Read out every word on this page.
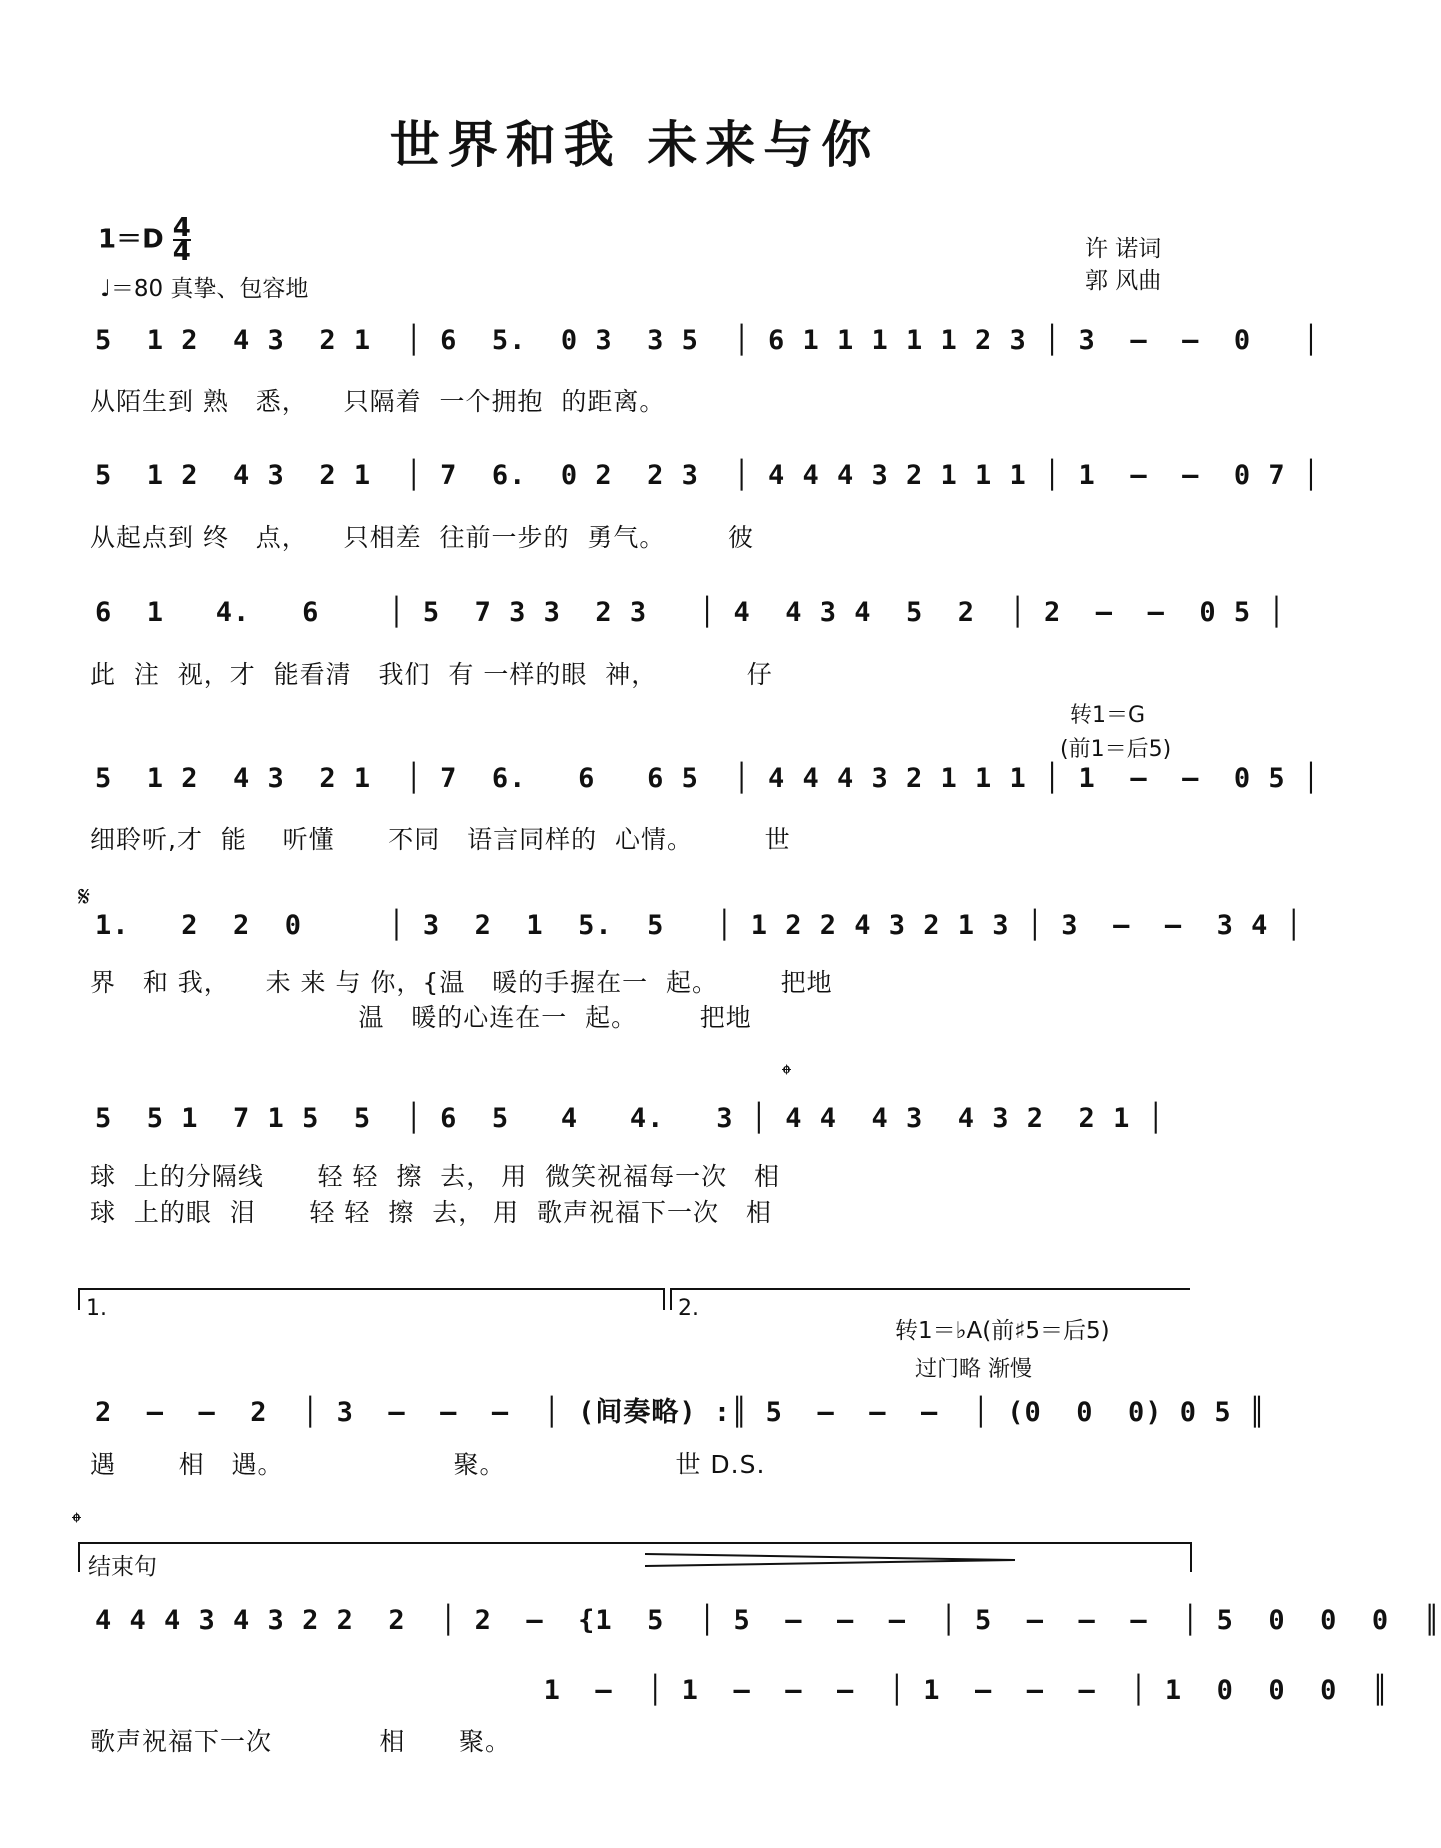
世界和我 未来与你
$1=D \frac{4}{4}$
♩＝80 真挚、包容地
许 诺词
郭 风曲
5  1 2  4 3  2 1  │ 6  5.  0 3  3 5  │ 6 1 1 1 1 1 2 3 │ 3  –  –  0   │
从陌生到 熟   悉，    只隔着  一个拥抱  的距离。
5  1 2  4 3  2 1  │ 7  6.  0 2  2 3  │ 4 4 4 3 2 1 1 1 │ 1  –  –  0 7 │
从起点到 终   点，    只相差  往前一步的  勇气。       彼
6  1   4.   6    │ 5  7 3 3  2 3   │ 4  4 3 4  5  2  │ 2  –  –  0 5 │
此  注  视，才  能看清   我们  有 一样的眼  神，          仔
转1＝G
(前1＝后5)
5  1 2  4 3  2 1  │ 7  6.   6   6 5  │ 4 4 4 3 2 1 1 1 │ 1  –  –  0 5 │
细聆听,才  能    听懂      不同   语言同样的  心情。        世
𝄋
1.   2  2  0     │ 3  2  1  5.  5   │ 1 2 2 4 3 2 1 3 │ 3  –  –  3 4 │
界   和 我，    未 来 与 你，{温   暖的手握在一  起。       把地
温   暖的心连在一  起。       把地
𝄌
5  5 1  7 1 5  5  │ 6  5   4   4.   3 │ 4 4  4 3  4 3 2  2 1 │
球  上的分隔线      轻 轻  擦  去， 用  微笑祝福每一次   相
球  上的眼  泪      轻 轻  擦  去， 用  歌声祝福下一次   相
1.	2.
转1＝♭A(前♯5＝后5)
过门略 渐慢
2  –  –  2  │ 3  –  –  –  │ (间奏略) :║ 5  –  –  –  │ (0  0  0) 0 5 ║
遇       相   遇。                   聚。                   世 D.S.
𝄌
结束句
4 4 4 3 4 3 2 2  2  │ 2  –  {1  5  │ 5  –  –  –  │ 5  –  –  –  │ 5  0  0  0  ║
1  –  │ 1  –  –  –  │ 1  –  –  –  │ 1  0  0  0  ║
歌声祝福下一次            相      聚。
